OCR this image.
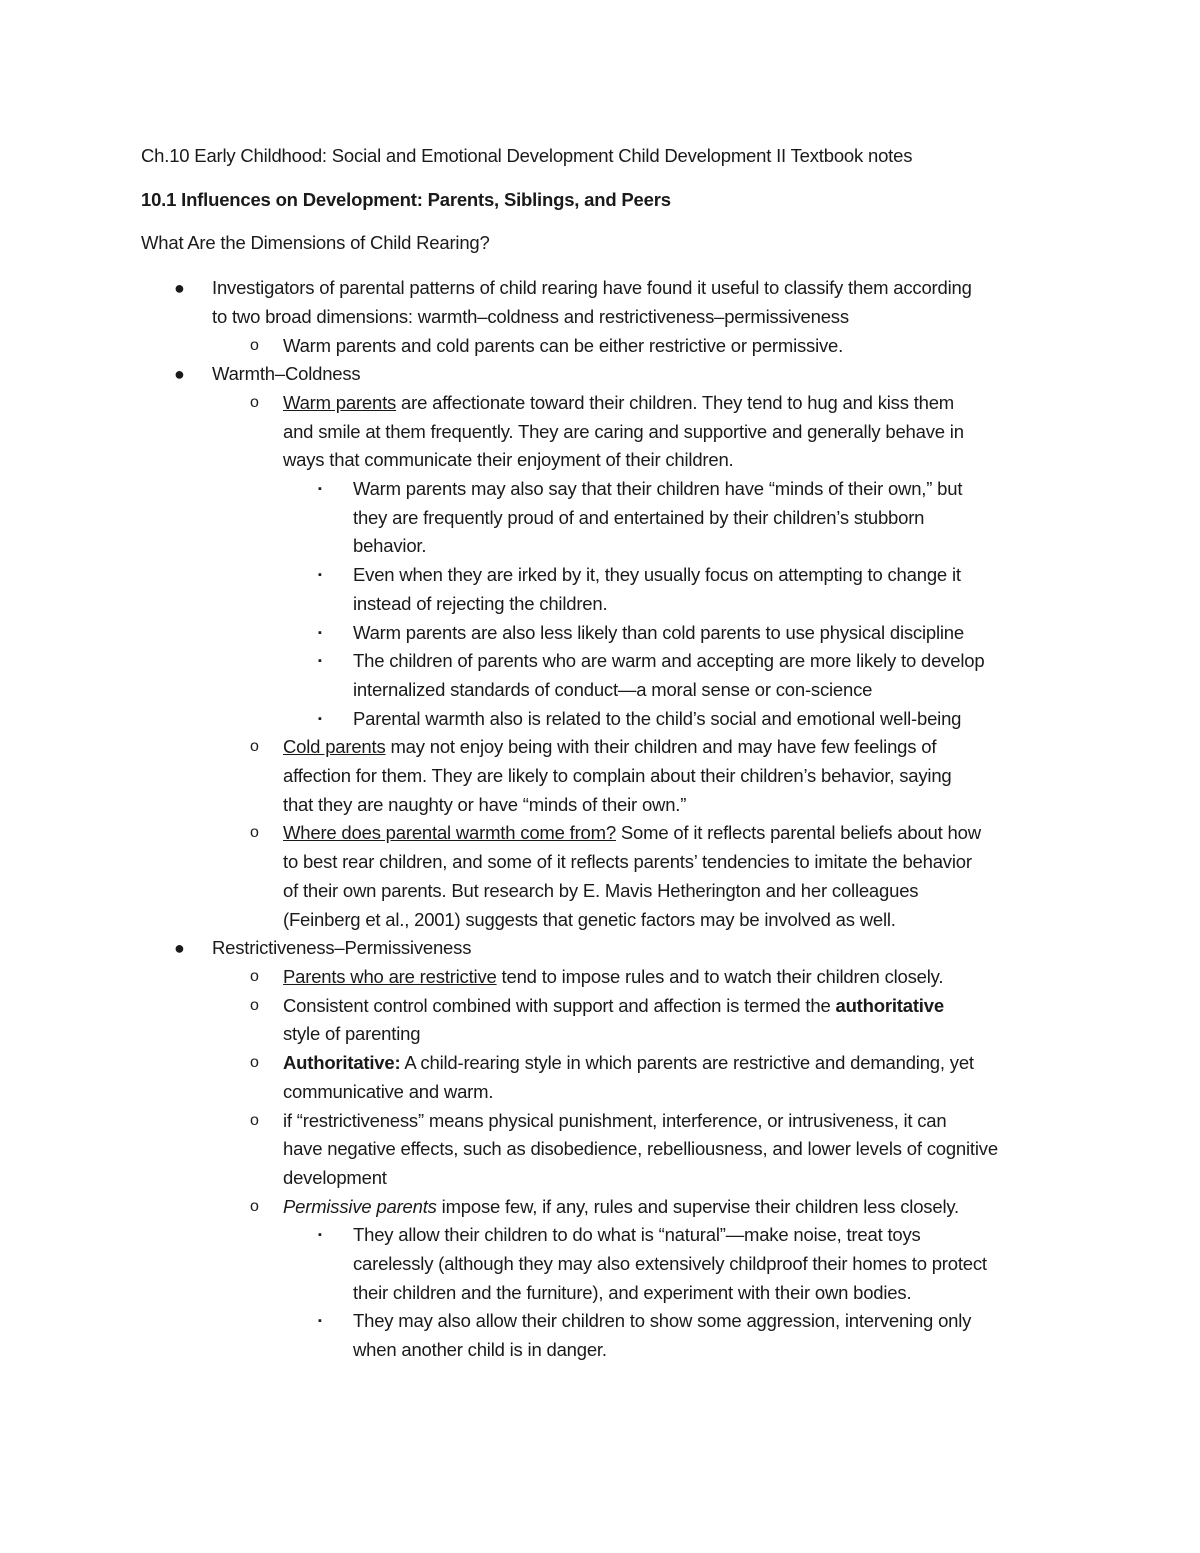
Ch.10 Early Childhood: Social and Emotional Development Child Development II Textbook notes
10.1 Influences on Development: Parents, Siblings, and Peers
What Are the Dimensions of Child Rearing?
● Investigators of parental patterns of child rearing have found it useful to classify them according
to two broad dimensions: warmth–coldness and restrictiveness–permissiveness
o Warm parents and cold parents can be either restrictive or permissive.
● Warmth–Coldness
o Warm parents are affectionate toward their children. They tend to hug and kiss them
and smile at them frequently. They are caring and supportive and generally behave in
ways that communicate their enjoyment of their children.
▪ Warm parents may also say that their children have “minds of their own,” but
they are frequently proud of and entertained by their children’s stubborn
behavior.
▪ Even when they are irked by it, they usually focus on attempting to change it
instead of rejecting the children.
▪ Warm parents are also less likely than cold parents to use physical discipline
▪ The children of parents who are warm and accepting are more likely to develop
internalized standards of conduct—a moral sense or con-science
▪ Parental warmth also is related to the child’s social and emotional well-being
o Cold parents may not enjoy being with their children and may have few feelings of
affection for them. They are likely to complain about their children’s behavior, saying
that they are naughty or have “minds of their own.”
o Where does parental warmth come from? Some of it reflects parental beliefs about how
to best rear children, and some of it reflects parents’ tendencies to imitate the behavior
of their own parents. But research by E. Mavis Hetherington and her colleagues
(Feinberg et al., 2001) suggests that genetic factors may be involved as well.
● Restrictiveness–Permissiveness
o Parents who are restrictive tend to impose rules and to watch their children closely.
o Consistent control combined with support and affection is termed the authoritative
style of parenting
o Authoritative: A child-rearing style in which parents are restrictive and demanding, yet
communicative and warm.
o if “restrictiveness” means physical punishment, interference, or intrusiveness, it can
have negative effects, such as disobedience, rebelliousness, and lower levels of cognitive
development
o Permissive parents impose few, if any, rules and supervise their children less closely.
▪ They allow their children to do what is “natural”—make noise, treat toys
carelessly (although they may also extensively childproof their homes to protect
their children and the furniture), and experiment with their own bodies.
▪ They may also allow their children to show some aggression, intervening only
when another child is in danger.
